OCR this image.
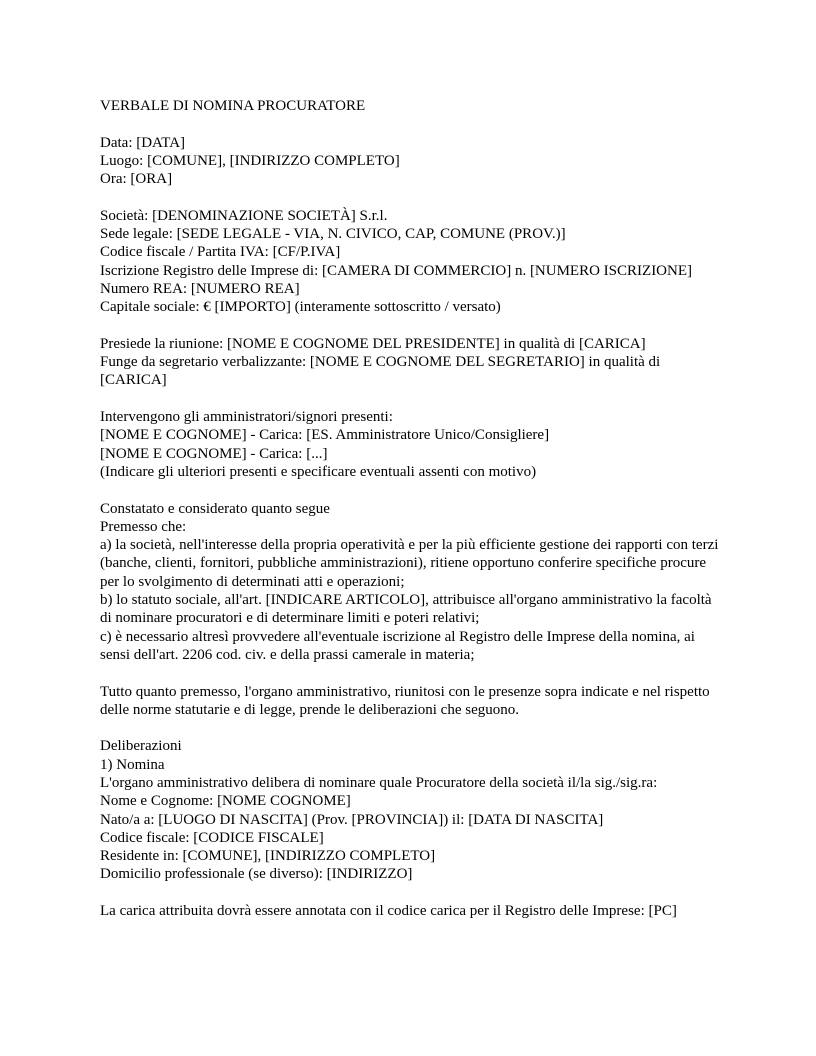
VERBALE DI NOMINA PROCURATORE

Data: [DATA]

Luogo: [COMUNE], [INDIRIZZO COMPLETO]

Ora: [ORA]

Società: [DENOMINAZIONE SOCIETÀ] S.r.l.

Sede legale: [SEDE LEGALE - VIA, N. CIVICO, CAP, COMUNE (PROV.)]

Codice fiscale / Partita IVA: [CF/P.IVA]

Iscrizione Registro delle Imprese di: [CAMERA DI COMMERCIO] n. [NUMERO ISCRIZIONE]

Numero REA: [NUMERO REA]

Capitale sociale: € [IMPORTO] (interamente sottoscritto / versato)

Presiede la riunione: [NOME E COGNOME DEL PRESIDENTE] in qualità di [CARICA]

Funge da segretario verbalizzante: [NOME E COGNOME DEL SEGRETARIO] in qualità di [CARICA]

Intervengono gli amministratori/signori presenti:

[NOME E COGNOME] - Carica: [ES. Amministratore Unico/Consigliere]

[NOME E COGNOME] - Carica: [...]

(Indicare gli ulteriori presenti e specificare eventuali assenti con motivo)

Constatato e considerato quanto segue

Premesso che:

a) la società, nell'interesse della propria operatività e per la più efficiente gestione dei rapporti con terzi (banche, clienti, fornitori, pubbliche amministrazioni), ritiene opportuno conferire specifiche procure per lo svolgimento di determinati atti e operazioni;

b) lo statuto sociale, all'art. [INDICARE ARTICOLO], attribuisce all'organo amministrativo la facoltà di nominare procuratori e di determinare limiti e poteri relativi;

c) è necessario altresì provvedere all'eventuale iscrizione al Registro delle Imprese della nomina, ai sensi dell'art. 2206 cod. civ. e della prassi camerale in materia;

Tutto quanto premesso, l'organo amministrativo, riunitosi con le presenze sopra indicate e nel rispetto delle norme statutarie e di legge, prende le deliberazioni che seguono.

Deliberazioni

1) Nomina

L'organo amministrativo delibera di nominare quale Procuratore della società il/la sig./sig.ra:

Nome e Cognome: [NOME COGNOME]

Nato/a a: [LUOGO DI NASCITA] (Prov. [PROVINCIA]) il: [DATA DI NASCITA]

Codice fiscale: [CODICE FISCALE]

Residente in: [COMUNE], [INDIRIZZO COMPLETO]

Domicilio professionale (se diverso): [INDIRIZZO]

La carica attribuita dovrà essere annotata con il codice carica per il Registro delle Imprese: [PC]
